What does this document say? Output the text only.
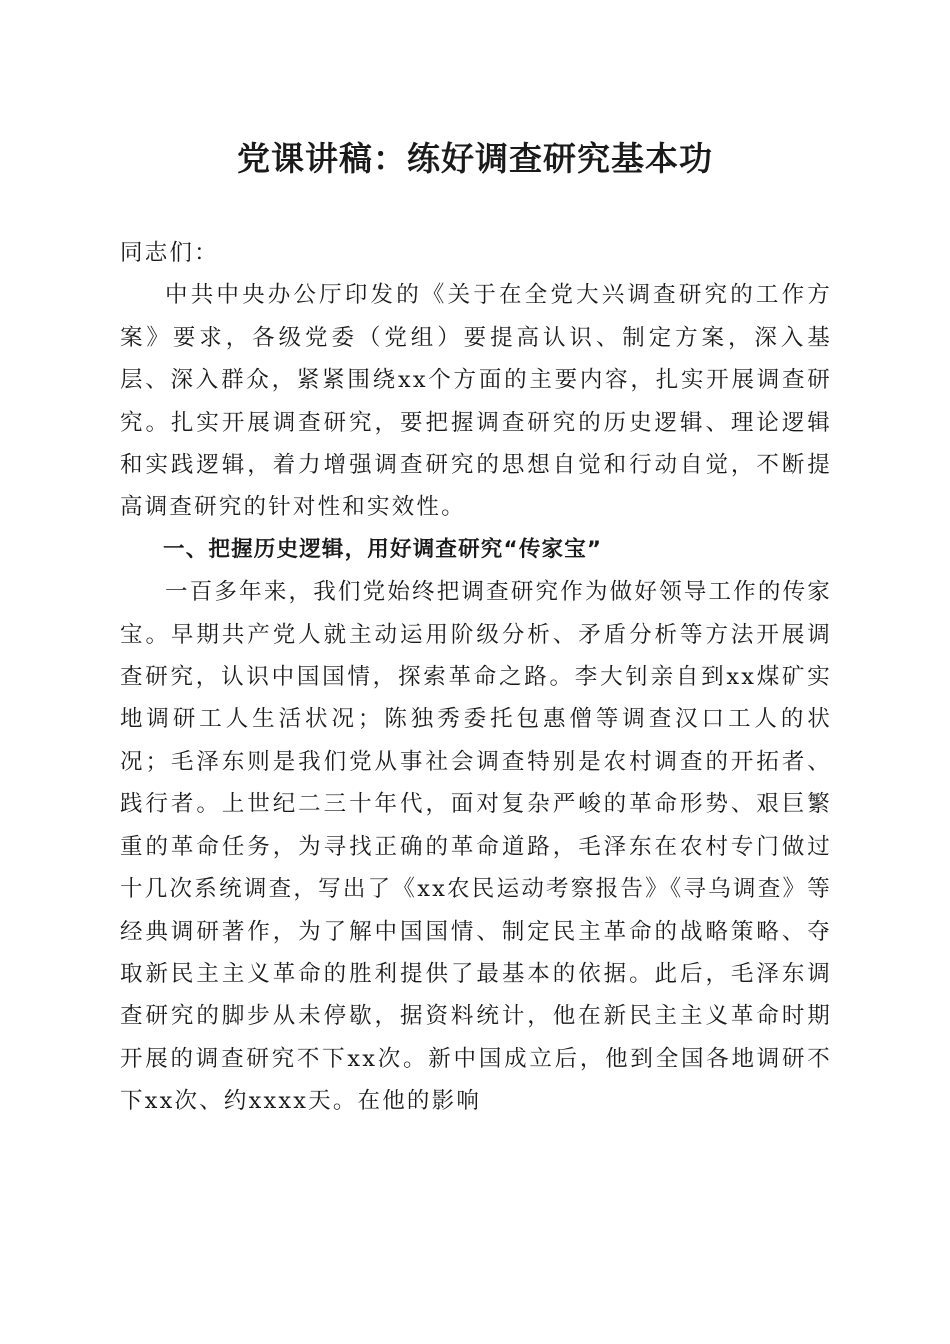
党课讲稿：练好调查研究基本功

同志们：

中共中央办公厅印发的《关于在全党大兴调查研究的工作方案》要求，各级党委（党组）要提高认识、制定方案，深入基层、深入群众，紧紧围绕xx个方面的主要内容，扎实开展调查研究。扎实开展调查研究，要把握调查研究的历史逻辑、理论逻辑和实践逻辑，着力增强调查研究的思想自觉和行动自觉，不断提高调查研究的针对性和实效性。

一、把握历史逻辑，用好调查研究“传家宝”

一百多年来，我们党始终把调查研究作为做好领导工作的传家宝。早期共产党人就主动运用阶级分析、矛盾分析等方法开展调查研究，认识中国国情，探索革命之路。李大钊亲自到xx煤矿实地调研工人生活状况；陈独秀委托包惠僧等调查汉口工人的状况；毛泽东则是我们党从事社会调查特别是农村调查的开拓者、践行者。上世纪二三十年代，面对复杂严峻的革命形势、艰巨繁重的革命任务，为寻找正确的革命道路，毛泽东在农村专门做过十几次系统调查，写出了《xx农民运动考察报告》《寻乌调查》等经典调研著作，为了解中国国情、制定民主革命的战略策略、夺取新民主主义革命的胜利提供了最基本的依据。此后，毛泽东调查研究的脚步从未停歇，据资料统计，他在新民主主义革命时期开展的调查研究不下xx次。新中国成立后，他到全国各地调研不下xx次、约xxxx天。在他的影响
